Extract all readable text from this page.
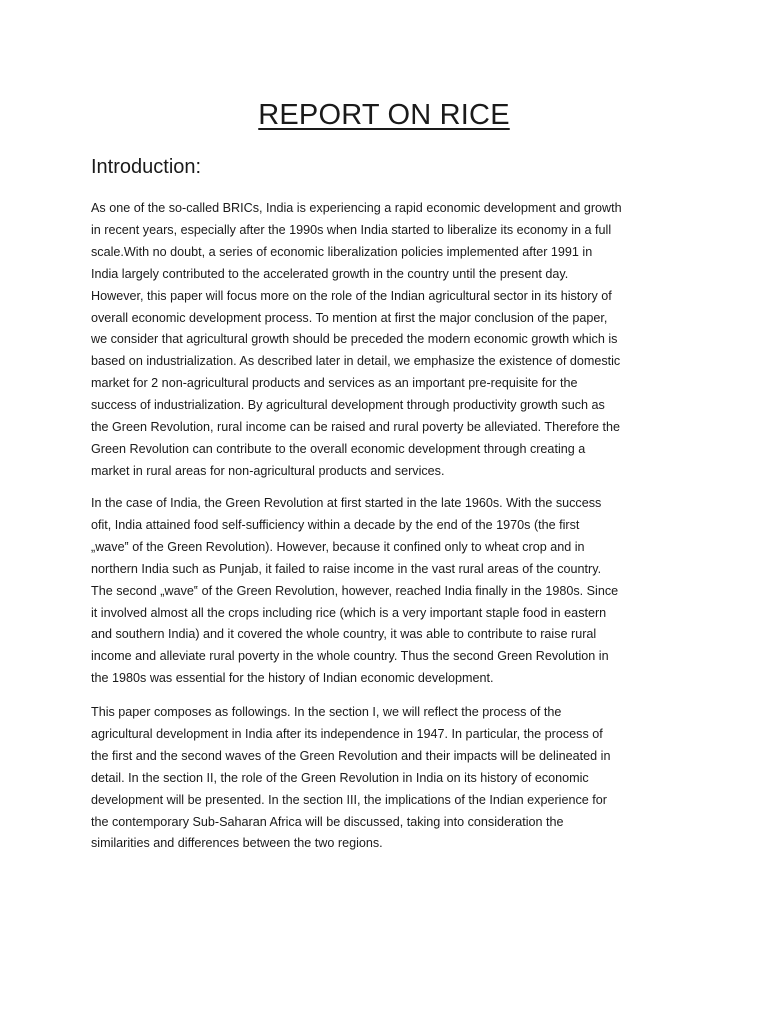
REPORT ON RICE
Introduction:

As one of the so-called BRICs, India is experiencing a rapid economic development and growth
in recent years, especially after the 1990s when India started to liberalize its economy in a full
scale.With no doubt, a series of economic liberalization policies implemented after 1991 in
India largely contributed to the accelerated growth in the country until the present day.
However, this paper will focus more on the role of the Indian agricultural sector in its history of
overall economic development process. To mention at first the major conclusion of the paper,
we consider that agricultural growth should be preceded the modern economic growth which is
based on industrialization. As described later in detail, we emphasize the existence of domestic
market for 2 non-agricultural products and services as an important pre-requisite for the
success of industrialization. By agricultural development through productivity growth such as
the Green Revolution, rural income can be raised and rural poverty be alleviated. Therefore the
Green Revolution can contribute to the overall economic development through creating a
market in rural areas for non-agricultural products and services.

In the case of India, the Green Revolution at first started in the late 1960s. With the success
ofit, India attained food self-sufficiency within a decade by the end of the 1970s (the first
„wave‟ of the Green Revolution). However, because it confined only to wheat crop and in
northern India such as Punjab, it failed to raise income in the vast rural areas of the country.
The second „wave‟ of the Green Revolution, however, reached India finally in the 1980s. Since
it involved almost all the crops including rice (which is a very important staple food in eastern
and southern India) and it covered the whole country, it was able to contribute to raise rural
income and alleviate rural poverty in the whole country. Thus the second Green Revolution in
the 1980s was essential for the history of Indian economic development.

This paper composes as followings. In the section I, we will reflect the process of the
agricultural development in India after its independence in 1947. In particular, the process of
the first and the second waves of the Green Revolution and their impacts will be delineated in
detail. In the section II, the role of the Green Revolution in India on its history of economic
development will be presented. In the section III, the implications of the Indian experience for
the contemporary Sub-Saharan Africa will be discussed, taking into consideration the
similarities and differences between the two regions.
